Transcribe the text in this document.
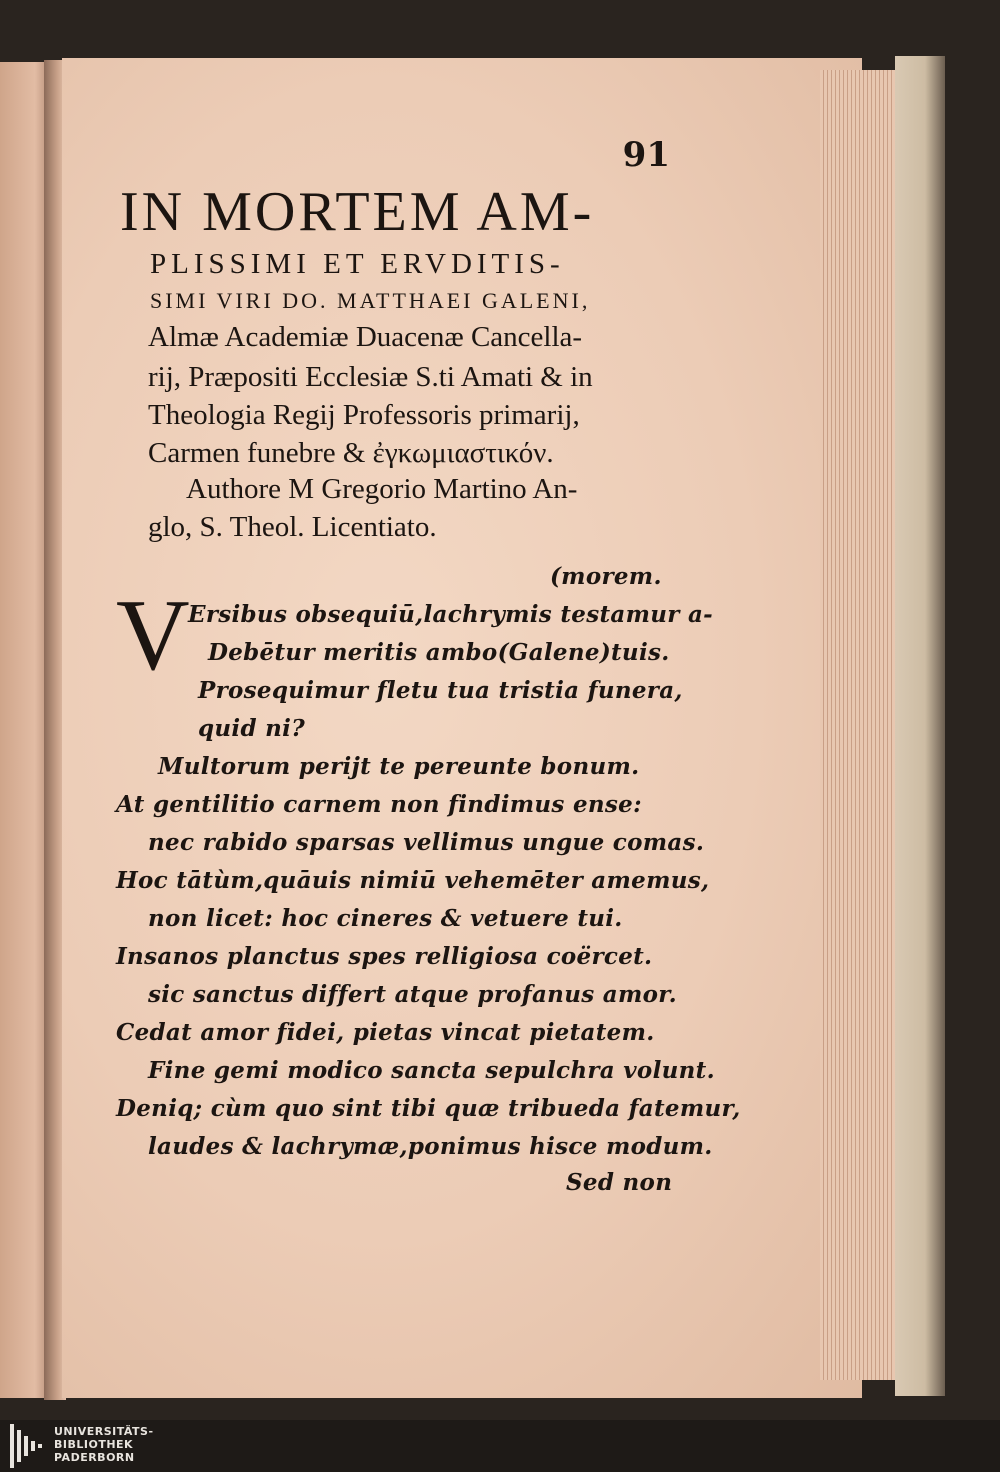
91
IN MORTEM AM-
PLISSIMI ET ERVDITIS-
SIMI VIRI DO. MATTHAEI GALENI,
Almæ Academiæ Duacenæ Cancella-
rij, Præpositi Ecclesiæ S.ti Amati & in
Theologia Regij Professoris primarij,
Carmen funebre & ἐγκωμιαστικόν.
Authore M Gregorio Martino An-
glo, S. Theol. Licentiato.
V
(morem.
Ersibus obsequiū,lachrymis testamur a-
Debētur meritis ambo(Galene)tuis.
Prosequimur fletu tua tristia funera,
quid ni?
Multorum perijt te pereunte bonum.
At gentilitio carnem non findimus ense:
nec rabido sparsas vellimus ungue comas.
Hoc tātùm,quāuis nimiū vehemēter amemus,
non licet: hoc cineres & vetuere tui.
Insanos planctus spes relligiosa coërcet.
sic sanctus differt atque profanus amor.
Cedat amor fidei, pietas vincat pietatem.
Fine gemi modico sancta sepulchra volunt.
Deniq; cùm quo sint tibi quæ tribueda fatemur,
laudes & lachrymæ,ponimus hisce modum.
Sed non
UNIVERSITÄTS-
BIBLIOTHEK
PADERBORN
